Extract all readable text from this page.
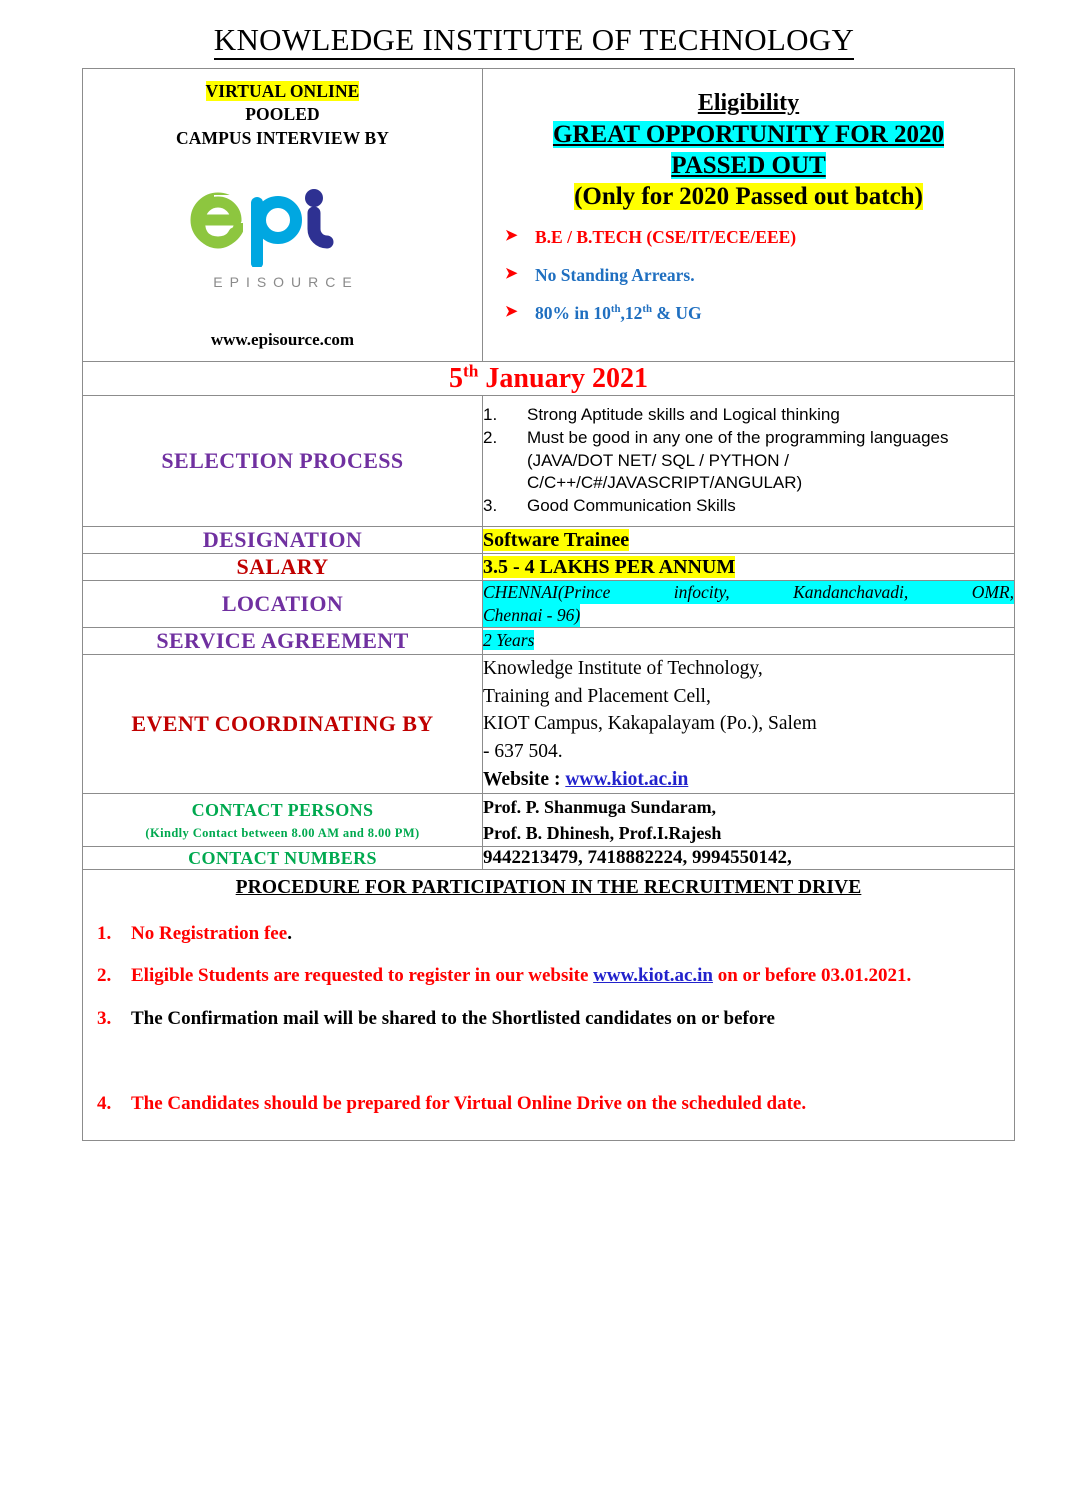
KNOWLEDGE INSTITUTE OF TECHNOLOGY
VIRTUAL ONLINE
POOLED
CAMPUS INTERVIEW BY
EPISOURCE
www.episource.com

Eligibility
GREAT OPPORTUNITY FOR 2020
PASSED OUT
(Only for 2020 Passed out batch)
➤ B.E / B.TECH (CSE/IT/ECE/EEE)
➤ No Standing Arrears.
➤ 80% in 10th,12th & UG

5th January 2021	
SELECTION PROCESS	
1.	Strong Aptitude skills and Logical thinking
2.	Must be good in any one of the programming languages (JAVA/DOT NET/ SQL / PYTHON / C/C++/C#/JAVASCRIPT/ANGULAR)
3.	Good Communication Skills

DESIGNATION	Software Trainee
SALARY	3.5 - 4 LAKHS PER ANNUM
LOCATION	CHENNAI(Prince infocity, Kandanchavadi, OMR,
Chennai - 96)
SERVICE AGREEMENT	2 Years
EVENT COORDINATING BY	Knowledge Institute of Technology,
Training and Placement Cell,
KIOT Campus, Kakapalayam (Po.), Salem
- 637 504.
Website : www.kiot.ac.in

CONTACT PERSONS
(Kindly Contact between 8.00 AM and 8.00 PM)

Prof. P. Shanmuga Sundaram,
Prof. B. Dhinesh, Prof.I.Rajesh

CONTACT NUMBERS	9442213479, 7418882224, 9994550142,

PROCEDURE FOR PARTICIPATION IN THE RECRUITMENT DRIVE
1.	No Registration fee.
2.	Eligible Students are requested to register in our website www.kiot.ac.in on or before 03.01.2021.
3.	The Confirmation mail will be shared to the Shortlisted candidates on or before
4.	The Candidates should be prepared for Virtual Online Drive on the scheduled date.
